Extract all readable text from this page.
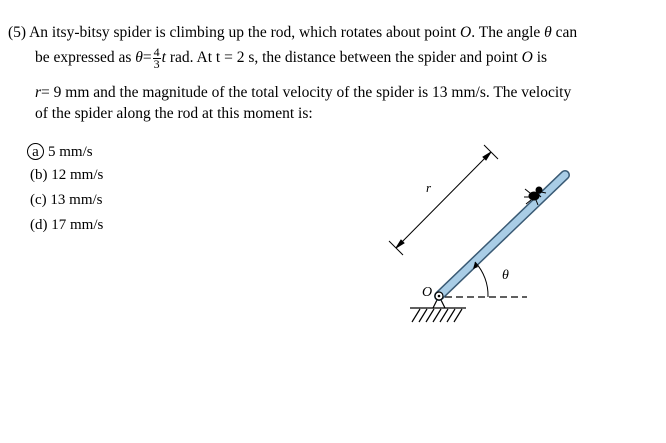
(5) An itsy-bitsy spider is climbing up the rod, which rotates about point O. The angle θ can
be expressed as $\theta= \frac{4}{3}$ t rad. At t = 2 s, the distance between the spider and point O is
r= 9 mm and the magnitude of the total velocity of the spider is 13 mm/s. The velocity
of the spider along the rod at this moment is:
a 5 mm/s
(b) 12 mm/s
(c) 13 mm/s
(d) 17 mm/s
r
O
θ
